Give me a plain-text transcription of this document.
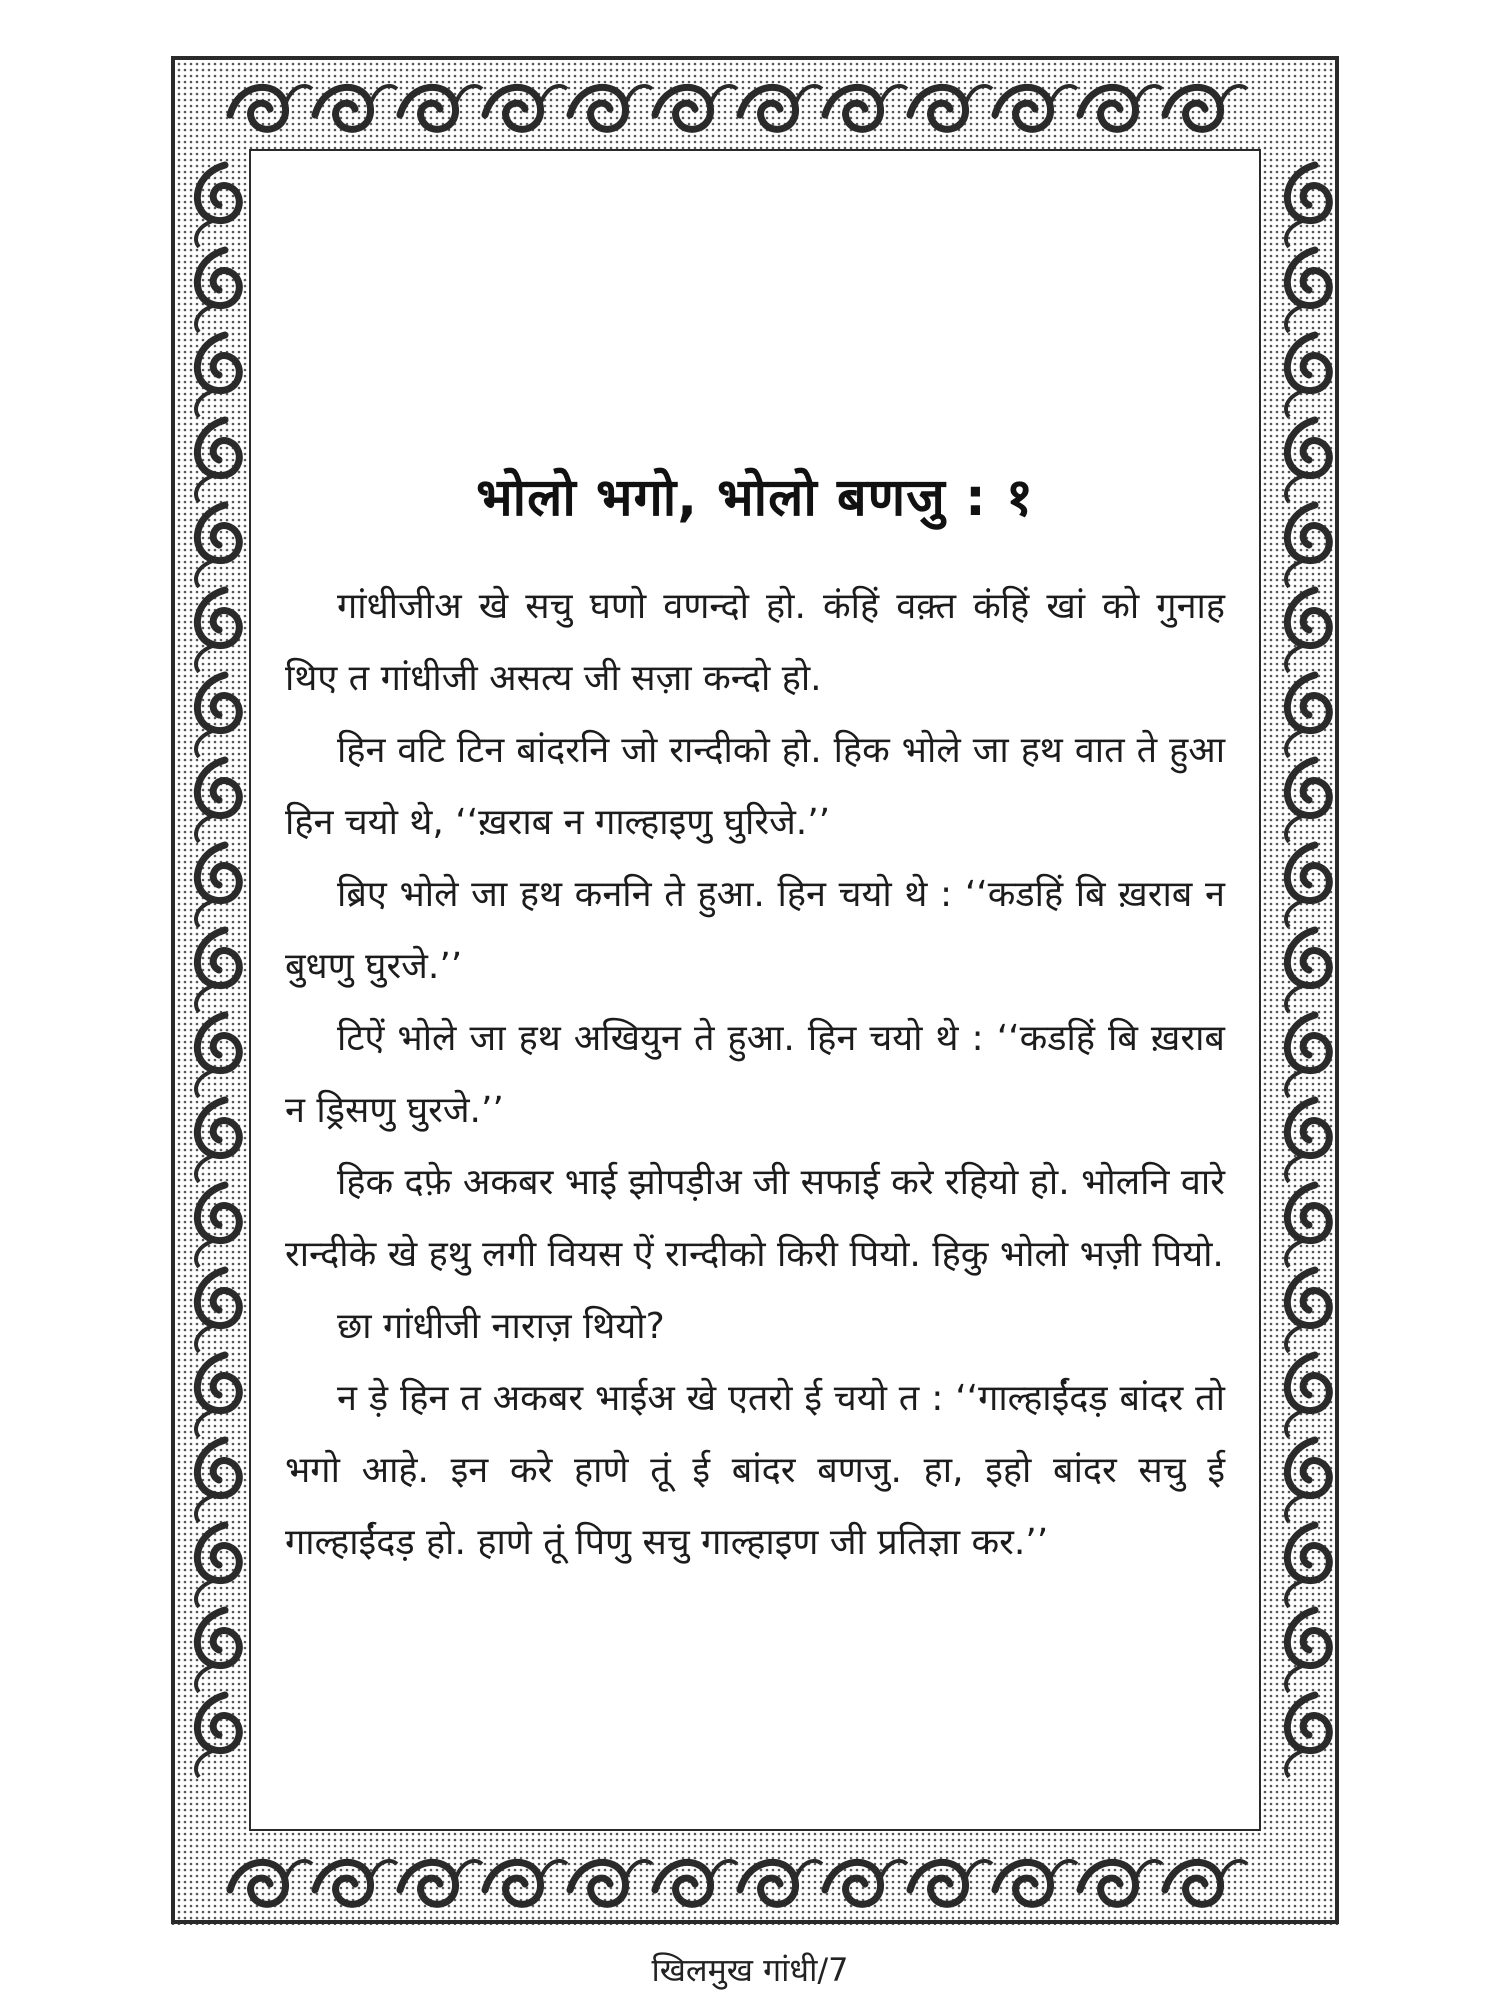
भोलो भगो, भोलो बणजु : १

गांधीजीअ खे सचु घणो वणन्दो हो. कंहिं वक़्त कंहिं खां को गुनाह थिए त गांधीजी असत्य जी सज़ा कन्दो हो.

हिन वटि टिन बांदरनि जो रान्दीको हो. हिक भोले जा हथ वात ते हुआ हिन चयो थे, ‘‘ख़राब न गाल्हाइणु घुरिजे.’’

ब्रिए भोले जा हथ कननि ते हुआ. हिन चयो थे : ‘‘कडहिं बि ख़राब न बुधणु घुरजे.’’

टिऐं भोले जा हथ अखियुन ते हुआ. हिन चयो थे : ‘‘कडहिं बि ख़राब न ड्रिसणु घुरजे.’’

हिक दफ़े अकबर भाई झोपड़ीअ जी सफाई करे रहियो हो. भोलनि वारे रान्दीके खे हथु लगी वियस ऐं रान्दीको किरी पियो. हिकु भोलो भज़ी पियो.

छा गांधीजी नाराज़ थियो?

न ड़े हिन त अकबर भाईअ खे एतरो ई चयो त : ‘‘गाल्हाईंदड़ बांदर तो भगो आहे. इन करे हाणे तूं ई बांदर बणजु. हा, इहो बांदर सचु ई गाल्हाईंदड़ हो. हाणे तूं पिणु सचु गाल्हाइण जी प्रतिज्ञा कर.’’

खिलमुख गांधी/7
